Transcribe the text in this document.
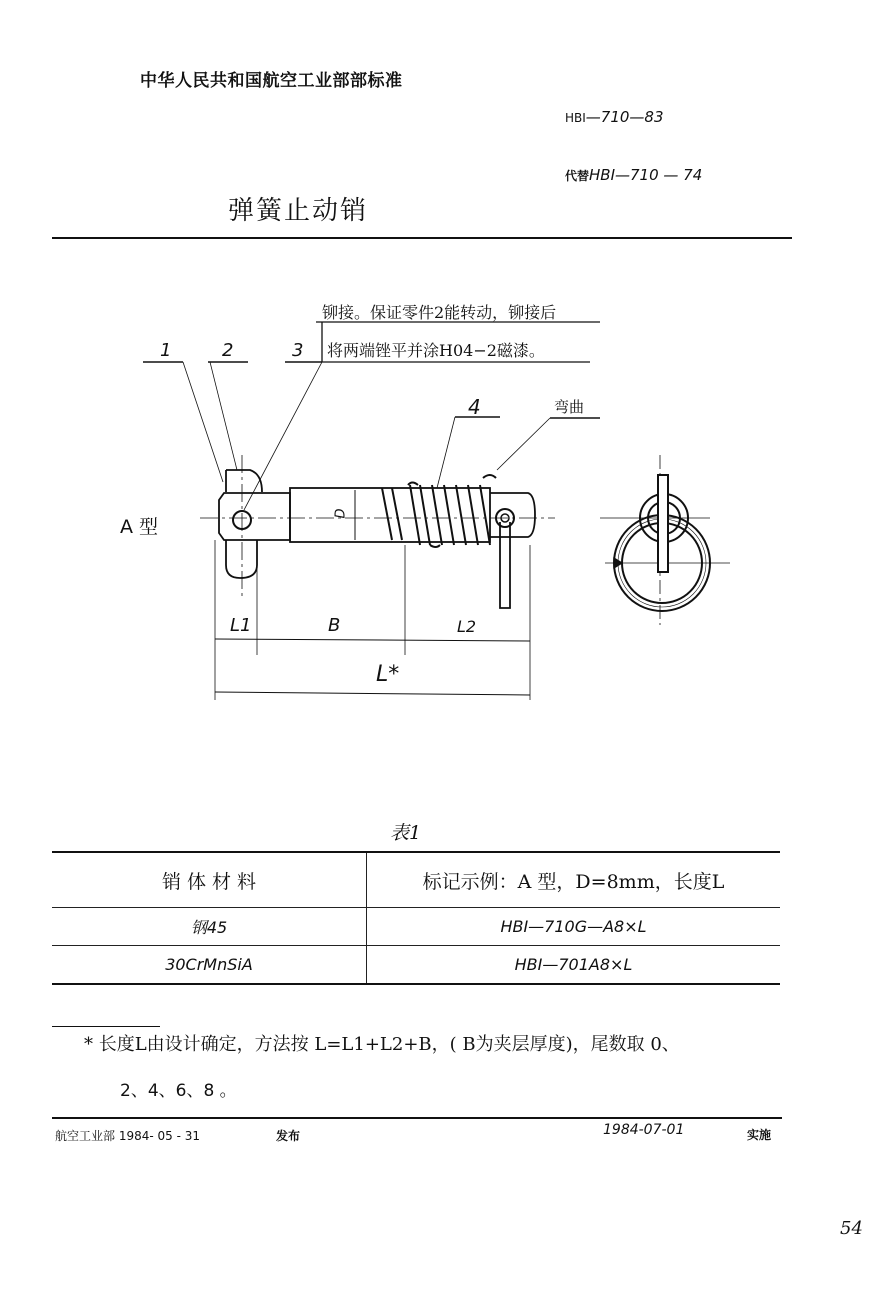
中华人民共和国航空工业部部标准
HBI—710—83
代替HBI—710 — 74
弹簧止动销
铆接。保证零件2能转动，铆接后
将两端锉平并涂H04−2磁漆。
1	2	3
4	弯曲
A 型
D
L1	B	L2
L*
表1
销 体 材 料	标记示例：A 型，D=8mm，长度L
钢45	HBI—710G—A8×L
30CrMnSiA	HBI—701A8×L
* 长度L由设计确定，方法按 L=L1+L2+B，( B为夹层厚度)，尾数取 0、
2、4、6、8 。
航空工业部 1984- 05 - 31	发布	1984-07-01	实施
54
